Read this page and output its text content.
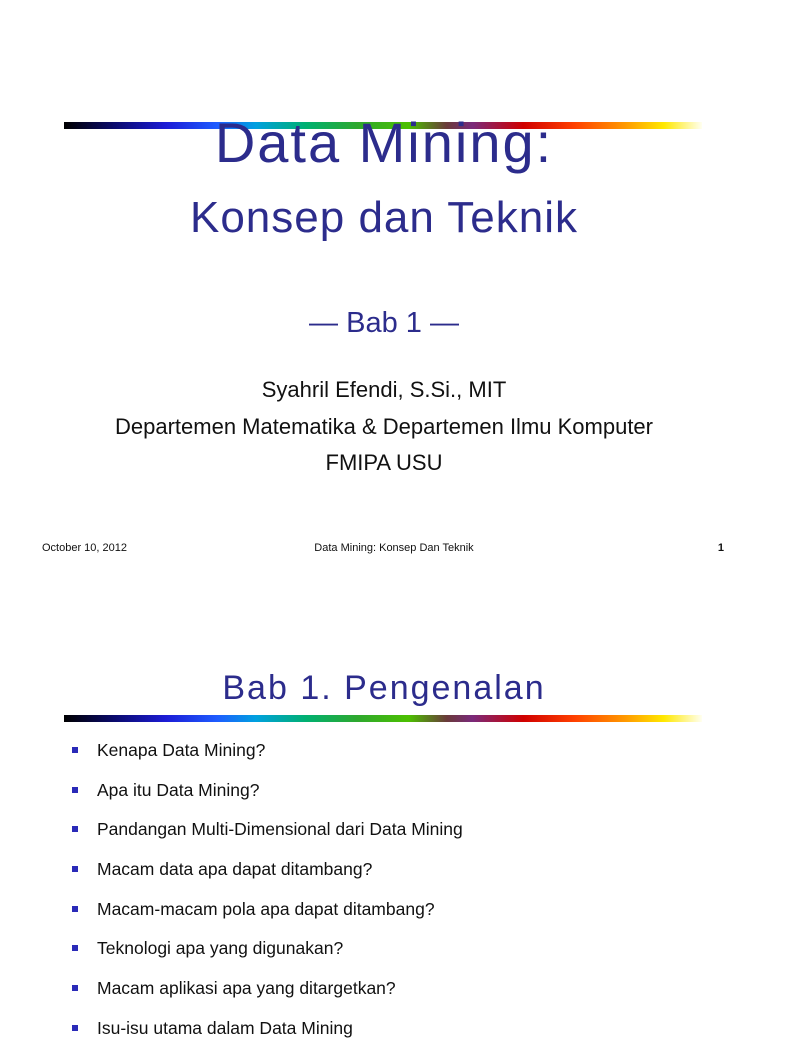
Data Mining:
Konsep dan Teknik
— Bab 1 —
Syahril Efendi, S.Si., MIT
Departemen Matematika & Departemen Ilmu Komputer
FMIPA USU
October 10, 2012	Data Mining: Konsep Dan Teknik	1
Bab 1. Pengenalan
Kenapa Data Mining?
Apa itu Data Mining?
Pandangan Multi-Dimensional dari Data Mining
Macam data apa dapat ditambang?
Macam-macam pola apa dapat ditambang?
Teknologi apa yang digunakan?
Macam aplikasi apa yang ditargetkan?
Isu-isu utama dalam Data Mining
